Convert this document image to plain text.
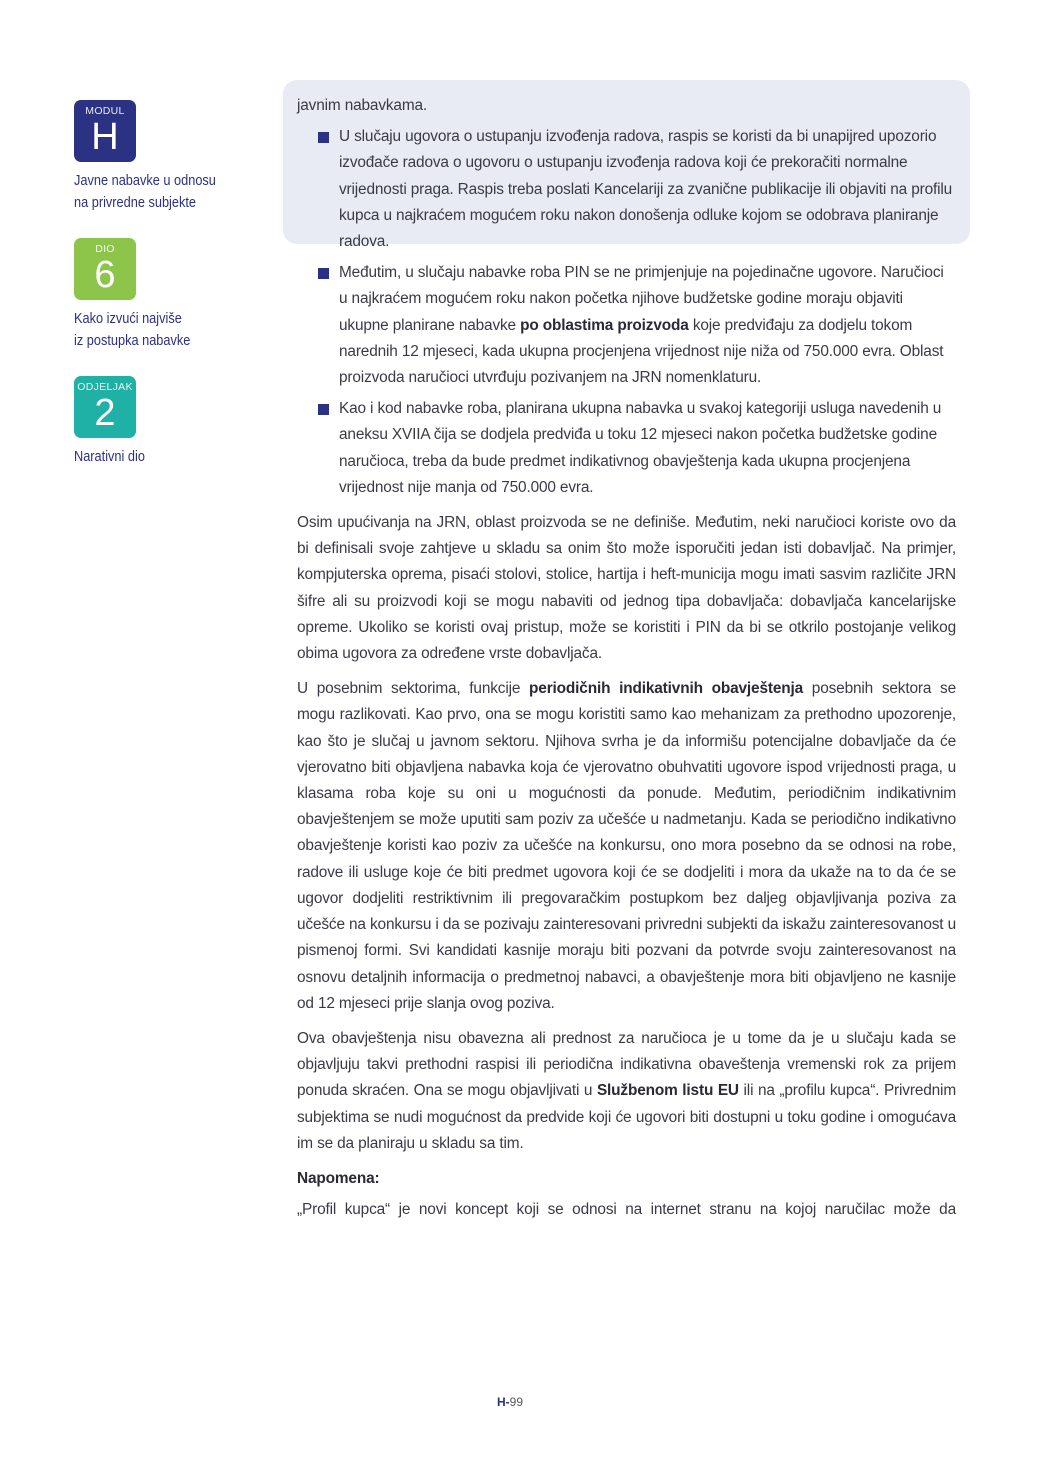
MODUL
H
Javne nabavke u odnosu
na privredne subjekte
DIO
6
Kako izvući najviše
iz postupka nabavke
ODJELJAK
2
Narativni dio

javnim nabavkama.

U slučaju ugovora o ustupanju izvođenja radova, raspis se koristi da bi unapijred upozorio izvođače radova o ugovoru o ustupanju izvođenja radova koji će prekoračiti normalne vrijednosti praga. Raspis treba poslati Kancelariji za zvanične publikacije ili objaviti na profilu kupca u najkraćem mogućem roku nakon donošenja odluke kojom se odobrava planiranje radova.
Međutim, u slučaju nabavke roba PIN se ne primjenjuje na pojedinačne ugovore. Naručioci u najkraćem mogućem roku nakon početka njihove budžetske godine moraju objaviti ukupne planirane nabavke po oblastima proizvoda koje predviđaju za dodjelu tokom narednih 12 mjeseci, kada ukupna procjenjena vrijednost nije niža od 750.000 evra. Oblast proizvoda naručioci utvrđuju pozivanjem na JRN nomenklaturu.
Kao i kod nabavke roba, planirana ukupna nabavka u svakoj kategoriji usluga navedenih u aneksu XVIIA čija se dodjela predviđa u toku 12 mjeseci nakon početka budžetske godine naručioca, treba da bude predmet indikativnog obavještenja kada ukupna procjenjena vrijednost nije manja od 750.000 evra.

Osim upućivanja na JRN, oblast proizvoda se ne definiše. Međutim, neki naručioci koriste ovo da bi definisali svoje zahtjeve u skladu sa onim što može isporučiti jedan isti dobavljač. Na primjer, kompjuterska oprema, pisaći stolovi, stolice, hartija i heft-municija mogu imati sasvim različite JRN šifre ali su proizvodi koji se mogu nabaviti od jednog tipa dobavljača: dobavljača kancelarijske opreme. Ukoliko se koristi ovaj pristup, može se koristiti i PIN da bi se otkrilo postojanje velikog obima ugovora za određene vrste dobavljača.

U posebnim sektorima, funkcije periodičnih indikativnih obavještenja posebnih sektora se mogu razlikovati. Kao prvo, ona se mogu koristiti samo kao mehanizam za prethodno upozorenje, kao što je slučaj u javnom sektoru. Njihova svrha je da informišu potencijalne dobavljače da će vjerovatno biti objavljena nabavka koja će vjerovatno obuhvatiti ugovore ispod vrijednosti praga, u klasama roba koje su oni u mogućnosti da ponude. Međutim, periodičnim indikativnim obavještenjem se može uputiti sam poziv za učešće u nadmetanju. Kada se periodično indikativno obavještenje koristi kao poziv za učešće na konkursu, ono mora posebno da se odnosi na robe, radove ili usluge koje će biti predmet ugovora koji će se dodjeliti i mora da ukaže na to da će se ugovor dodjeliti restriktivnim ili pregovaračkim postupkom bez daljeg objavljivanja poziva za učešće na konkursu i da se pozivaju zainteresovani privredni subjekti da iskažu zainteresovanost u pismenoj formi. Svi kandidati kasnije moraju biti pozvani da potvrde svoju zainteresovanost na osnovu detaljnih informacija o predmetnoj nabavci, a obavještenje mora biti objavljeno ne kasnije od 12 mjeseci prije slanja ovog poziva.

Ova obavještenja nisu obavezna ali prednost za naručioca je u tome da je u slučaju kada se objavljuju takvi prethodni raspisi ili periodična indikativna obaveštenja vremenski rok za prijem ponuda skraćen. Ona se mogu objavljivati u Službenom listu EU ili na „profilu kupca“. Privrednim subjektima se nudi mogućnost da predvide koji će ugovori biti dostupni u toku godine i omogućava im se da planiraju u skladu sa tim.

Napomena:

„Profil kupca“ je novi koncept koji se odnosi na internet stranu na kojoj naručilac može da

H-99
